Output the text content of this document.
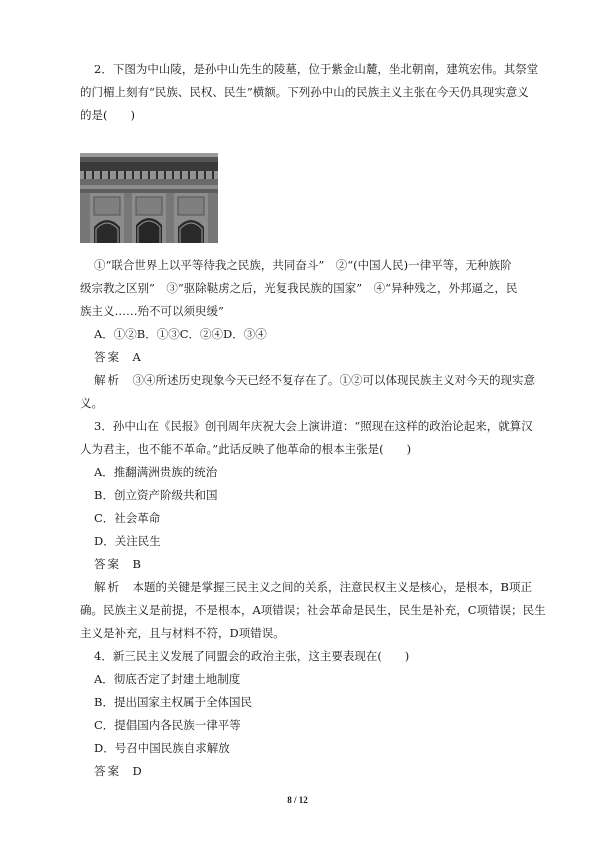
2．下图为中山陵，是孙中山先生的陵墓，位于紫金山麓，坐北朝南，建筑宏伟。其祭堂
的门楣上刻有“民族、民权、民生”横额。下列孙中山的民族主义主张在今天仍具现实意义
的是(　　)
①“联合世界上以平等待我之民族，共同奋斗”　②“(中国人民)一律平等，无种族阶
级宗教之区别”　③“驱除鞑虏之后，光复我民族的国家”　④“异种残之，外邦逼之，民
族主义……殆不可以须臾缓”
A．①②B．①③C．②④D．③④
答案  A
解析  ③④所述历史现象今天已经不复存在了。①②可以体现民族主义对今天的现实意
义。
3．孙中山在《民报》创刊周年庆祝大会上演讲道：“照现在这样的政治论起来，就算汉
人为君主，也不能不革命。”此话反映了他革命的根本主张是(　　)
A．推翻满洲贵族的统治
B．创立资产阶级共和国
C．社会革命
D．关注民生
答案  B
解析  本题的关键是掌握三民主义之间的关系，注意民权主义是核心，是根本，B项正
确。民族主义是前提，不是根本，A项错误；社会革命是民生，民生是补充，C项错误；民生
主义是补充，且与材料不符，D项错误。
4．新三民主义发展了同盟会的政治主张，这主要表现在(　　)
A．彻底否定了封建土地制度
B．提出国家主权属于全体国民
C．提倡国内各民族一律平等
D．号召中国民族自求解放
答案  D
8 / 12
